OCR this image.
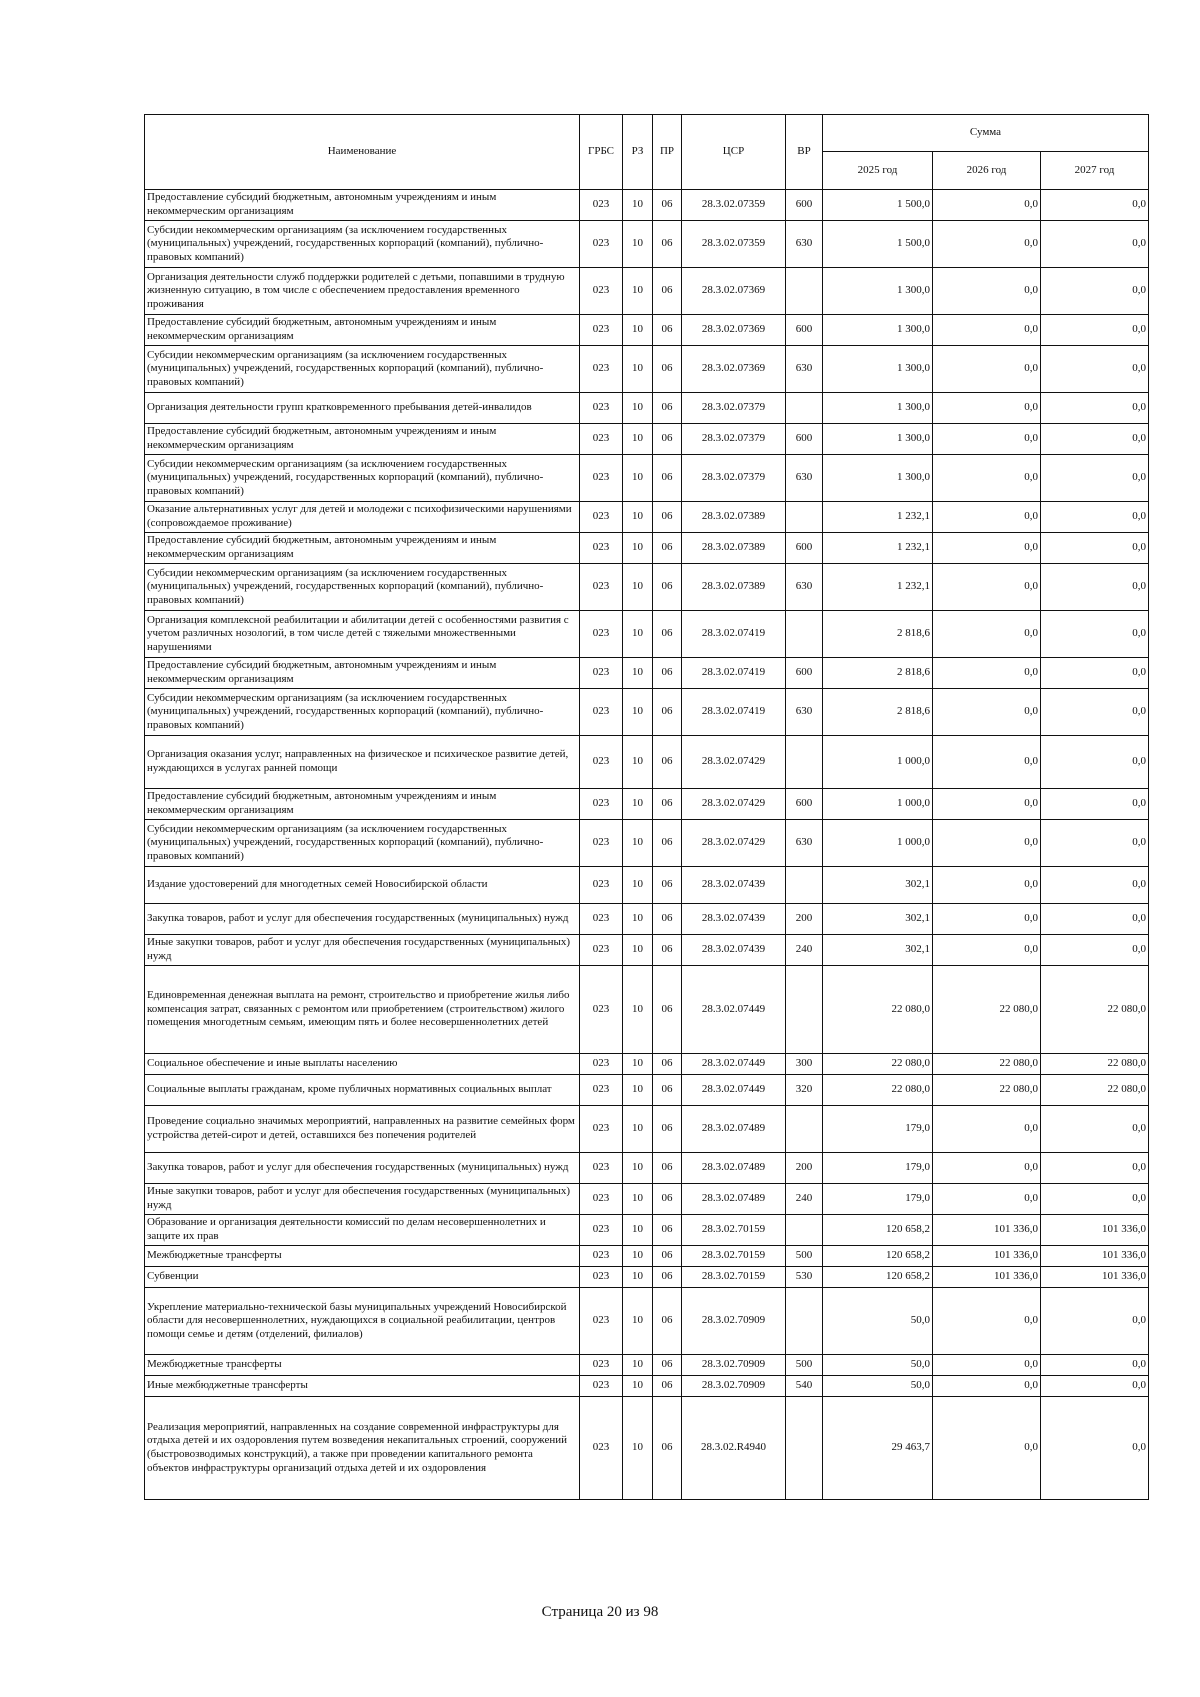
Наименование	ГРБС	РЗ	ПР	ЦСР	ВР	Сумма		
						2025 год	2026 год	2027 год
Предоставление субсидий бюджетным, автономным учреждениям и иным некоммерческим организациям	023	10	06	28.3.02.07359	600	1 500,0	0,0	0,0
Субсидии некоммерческим организациям (за исключением государственных (муниципальных) учреждений, государственных корпораций (компаний), публично-правовых компаний)	023	10	06	28.3.02.07359	630	1 500,0	0,0	0,0
Организация деятельности служб поддержки родителей с детьми, попавшими в трудную жизненную ситуацию, в том числе с обеспечением предоставления временного проживания	023	10	06	28.3.02.07369		1 300,0	0,0	0,0
Предоставление субсидий бюджетным, автономным учреждениям и иным некоммерческим организациям	023	10	06	28.3.02.07369	600	1 300,0	0,0	0,0
Субсидии некоммерческим организациям (за исключением государственных (муниципальных) учреждений, государственных корпораций (компаний), публично-правовых компаний)	023	10	06	28.3.02.07369	630	1 300,0	0,0	0,0
Организация деятельности групп кратковременного пребывания детей-инвалидов	023	10	06	28.3.02.07379		1 300,0	0,0	0,0
Предоставление субсидий бюджетным, автономным учреждениям и иным некоммерческим организациям	023	10	06	28.3.02.07379	600	1 300,0	0,0	0,0
Субсидии некоммерческим организациям (за исключением государственных (муниципальных) учреждений, государственных корпораций (компаний), публично-правовых компаний)	023	10	06	28.3.02.07379	630	1 300,0	0,0	0,0
Оказание альтернативных услуг для детей и молодежи с психофизическими нарушениями (сопровождаемое проживание)	023	10	06	28.3.02.07389		1 232,1	0,0	0,0
Предоставление субсидий бюджетным, автономным учреждениям и иным некоммерческим организациям	023	10	06	28.3.02.07389	600	1 232,1	0,0	0,0
Субсидии некоммерческим организациям (за исключением государственных (муниципальных) учреждений, государственных корпораций (компаний), публично-правовых компаний)	023	10	06	28.3.02.07389	630	1 232,1	0,0	0,0
Организация комплексной реабилитации и абилитации детей с особенностями развития с учетом различных нозологий, в том числе детей с тяжелыми множественными нарушениями	023	10	06	28.3.02.07419		2 818,6	0,0	0,0
Предоставление субсидий бюджетным, автономным учреждениям и иным некоммерческим организациям	023	10	06	28.3.02.07419	600	2 818,6	0,0	0,0
Субсидии некоммерческим организациям (за исключением государственных (муниципальных) учреждений, государственных корпораций (компаний), публично-правовых компаний)	023	10	06	28.3.02.07419	630	2 818,6	0,0	0,0
Организация оказания услуг, направленных на физическое и психическое развитие детей, нуждающихся в услугах ранней помощи	023	10	06	28.3.02.07429		1 000,0	0,0	0,0
Предоставление субсидий бюджетным, автономным учреждениям и иным некоммерческим организациям	023	10	06	28.3.02.07429	600	1 000,0	0,0	0,0
Субсидии некоммерческим организациям (за исключением государственных (муниципальных) учреждений, государственных корпораций (компаний), публично-правовых компаний)	023	10	06	28.3.02.07429	630	1 000,0	0,0	0,0
Издание удостоверений для многодетных семей Новосибирской области	023	10	06	28.3.02.07439		302,1	0,0	0,0
Закупка товаров, работ и услуг для обеспечения государственных (муниципальных) нужд	023	10	06	28.3.02.07439	200	302,1	0,0	0,0
Иные закупки товаров, работ и услуг для обеспечения государственных (муниципальных) нужд	023	10	06	28.3.02.07439	240	302,1	0,0	0,0
Единовременная денежная выплата на ремонт, строительство и приобретение жилья либо компенсация затрат, связанных с ремонтом или приобретением (строительством) жилого помещения многодетным семьям, имеющим пять и более несовершеннолетних детей	023	10	06	28.3.02.07449		22 080,0	22 080,0	22 080,0
Социальное обеспечение и иные выплаты населению	023	10	06	28.3.02.07449	300	22 080,0	22 080,0	22 080,0
Социальные выплаты гражданам, кроме публичных нормативных социальных выплат	023	10	06	28.3.02.07449	320	22 080,0	22 080,0	22 080,0
Проведение социально значимых мероприятий, направленных на развитие семейных форм устройства детей-сирот и детей, оставшихся без попечения родителей	023	10	06	28.3.02.07489		179,0	0,0	0,0
Закупка товаров, работ и услуг для обеспечения государственных (муниципальных) нужд	023	10	06	28.3.02.07489	200	179,0	0,0	0,0
Иные закупки товаров, работ и услуг для обеспечения государственных (муниципальных) нужд	023	10	06	28.3.02.07489	240	179,0	0,0	0,0
Образование и организация деятельности комиссий по делам несовершеннолетних и защите их прав	023	10	06	28.3.02.70159		120 658,2	101 336,0	101 336,0
Межбюджетные трансферты	023	10	06	28.3.02.70159	500	120 658,2	101 336,0	101 336,0
Субвенции	023	10	06	28.3.02.70159	530	120 658,2	101 336,0	101 336,0
Укрепление материально-технической базы муниципальных учреждений Новосибирской области для несовершеннолетних, нуждающихся в социальной реабилитации, центров помощи семье и детям (отделений, филиалов)	023	10	06	28.3.02.70909		50,0	0,0	0,0
Межбюджетные трансферты	023	10	06	28.3.02.70909	500	50,0	0,0	0,0
Иные межбюджетные трансферты	023	10	06	28.3.02.70909	540	50,0	0,0	0,0
Реализация мероприятий, направленных на создание современной инфраструктуры для отдыха детей и их оздоровления путем возведения некапитальных строений, сооружений (быстровозводимых конструкций), а также при проведении капитального ремонта объектов инфраструктуры организаций отдыха детей и их оздоровления	023	10	06	28.3.02.R4940		29 463,7	0,0	0,0
Страница 20 из 98
